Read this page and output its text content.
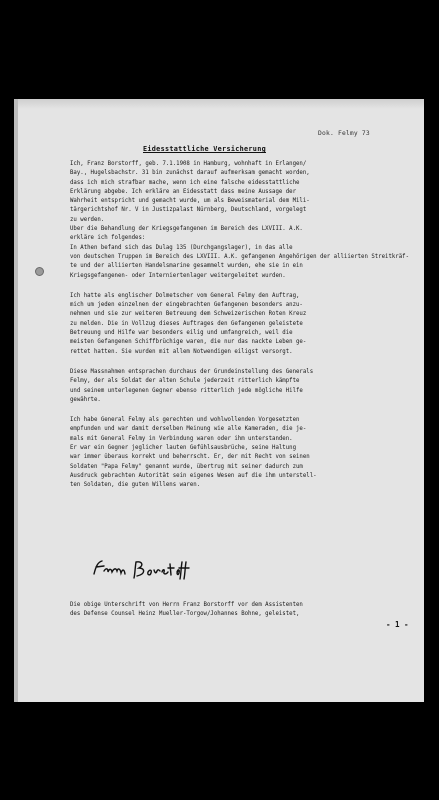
Dok. Felmy 73
Eidesstattliche Versicherung
Ich, Franz Borstorff, geb. 7.1.1908 in Hamburg, wohnhaft in Erlangen/
Bay., Hugelsbachstr. 31 bin zunächst darauf aufmerksam gemacht worden,
dass ich mich strafbar mache, wenn ich eine falsche eidesstattliche
Erklärung abgebe. Ich erkläre an Eidesstatt dass meine Aussage der
Wahrheit entspricht und gemacht wurde, um als Beweismaterial dem Mili-
tärgerichtshof Nr. V in Justizpalast Nürnberg, Deutschland, vorgelegt
zu werden.
Über die Behandlung der Kriegsgefangenen im Bereich des LXVIII. A.K.
erkläre ich folgendes:
In Athen befand sich das Dulag 135 (Durchgangslager), in das alle
von deutschen Truppen im Bereich des LXVIII. A.K. gefangenen Angehörigen der alliierten Streitkräf-
te und der alliierten Handelsmarine gesammelt wurden, ehe sie in ein
Kriegsgefangenen- oder Interniertenlager weitergeleitet wurden.
Ich hatte als englischer Dolmetscher vom General Felmy den Auftrag,
mich um jeden einzelnen der eingebrachten Gefangenen besonders anzu-
nehmen und sie zur weiteren Betreuung dem Schweizerischen Roten Kreuz
zu melden. Die in Vollzug dieses Auftrages den Gefangenen geleistete
Betreuung und Hilfe war besonders eilig und umfangreich, weil die
meisten Gefangenen Schiffbrüchige waren, die nur das nackte Leben ge-
rettet hatten. Sie wurden mit allem Notwendigen eiligst versorgt.
Diese Massnahmen entsprachen durchaus der Grundeinstellung des Generals
Felmy, der als Soldat der alten Schule jederzeit ritterlich kämpfte
und seinem unterlegenen Gegner ebenso ritterlich jede mögliche Hilfe
gewährte.
Ich habe General Felmy als gerechten und wohlwollenden Vorgesetzten
empfunden und war damit derselben Meinung wie alle Kameraden, die je-
mals mit General Felmy in Verbindung waren oder ihm unterstanden.
Er war ein Gegner jeglicher lauten Gefühlsausbrüche, seine Haltung
war immer überaus korrekt und beherrscht. Er, der mit Recht von seinen
Soldaten "Papa Felmy" genannt wurde, übertrug mit seiner dadurch zum
Ausdruck gebrachten Autorität sein eigenes Wesen auf die ihm unterstell-
ten Soldaten, die guten Willens waren.
Franz Borstorff
Die obige Unterschrift von Herrn Franz Borstorff vor dem Assistenten
des Defense Counsel Heinz Mueller-Torgow/Johannes Bohne, geleistet,
- 1 -
